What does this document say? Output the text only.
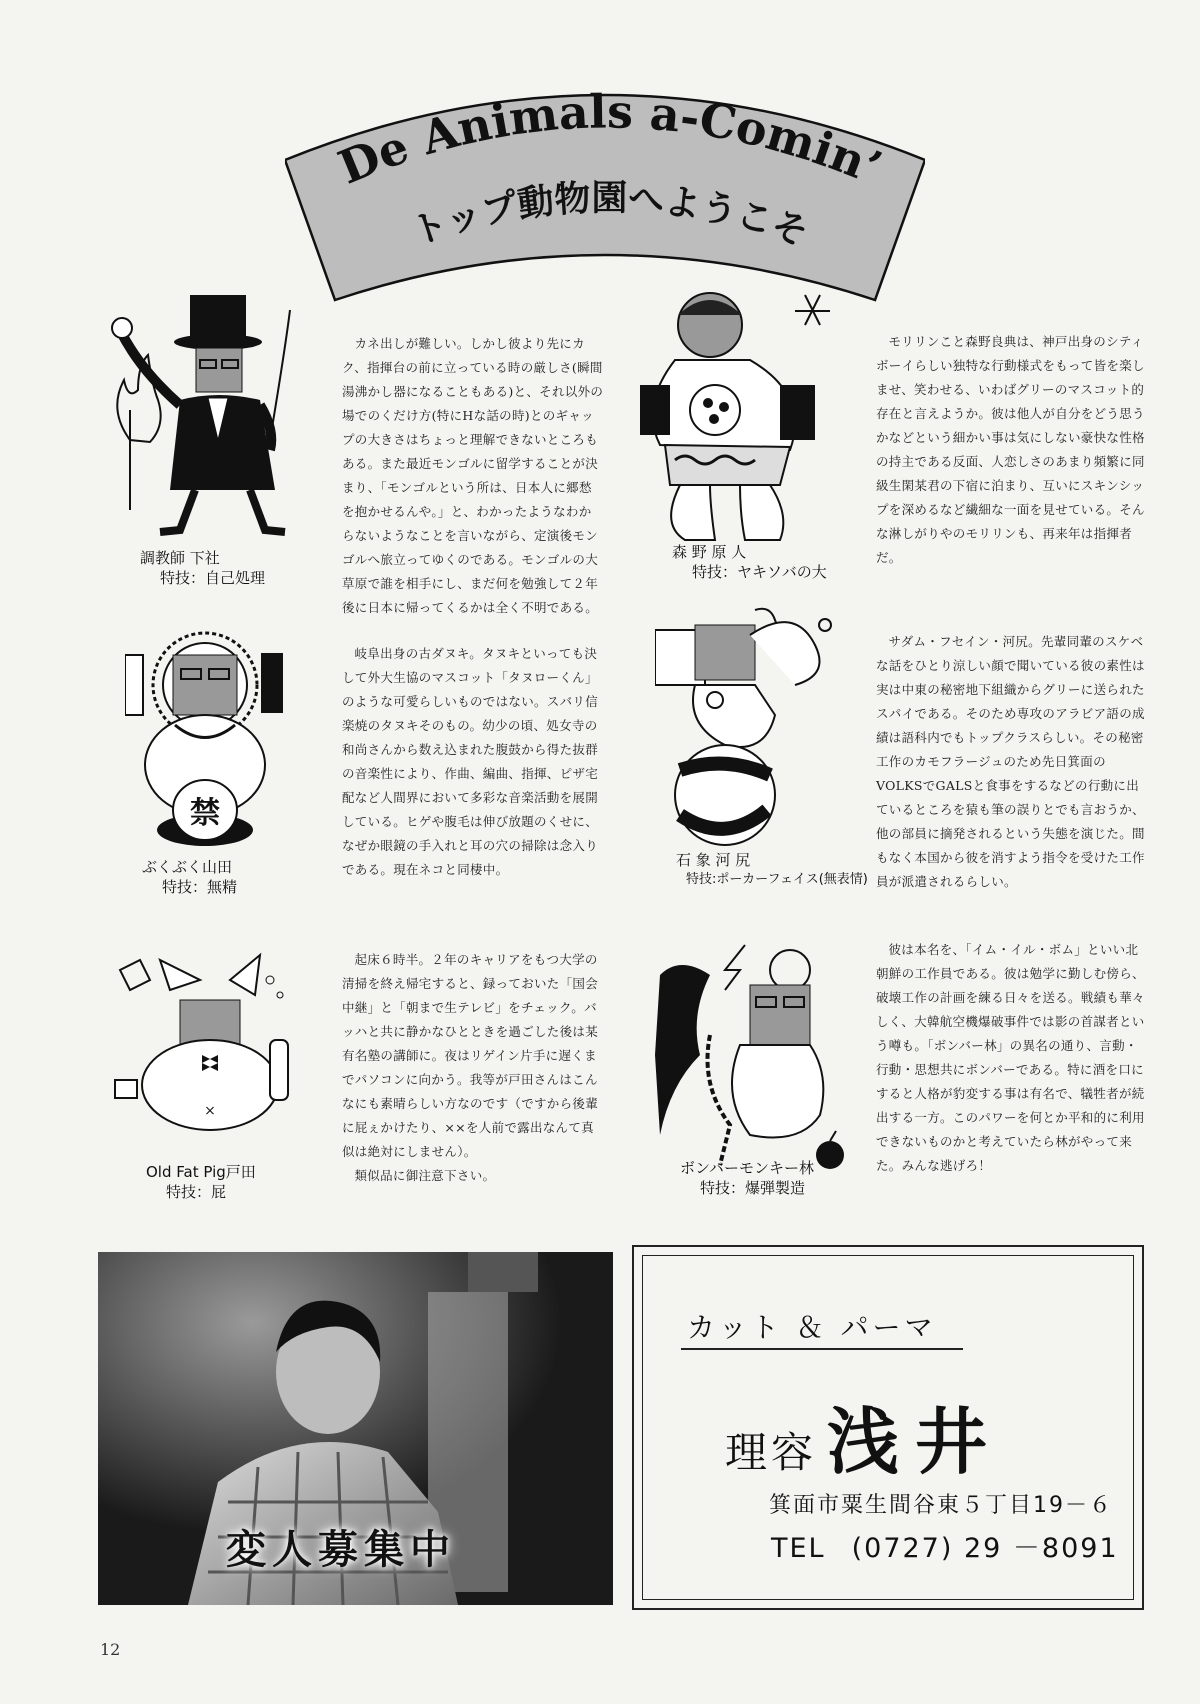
De Animals a-Comin’
トップ動物園へようこそ
禁
×
調教師 下社
特技：自己処理
森 野 原 人
特技：ヤキソバの大
ぶくぶく山田
特技：無精
石 象 河 尻
特技:ポーカーフェイス(無表情)
Old Fat Pig戸田
特技：屁
ボンバーモンキー林
特技：爆弾製造

カネ出しが難しい。しかし彼より先にカク、指揮台の前に立っている時の厳しさ(瞬間湯沸かし器になることもある)と、それ以外の場でのくだけ方(特にHな話の時)とのギャップの大きさはちょっと理解できないところもある。また最近モンゴルに留学することが決まり、「モンゴルという所は、日本人に郷愁を抱かせるんや。」と、わかったようなわからないようなことを言いながら、定演後モンゴルへ旅立ってゆくのである。モンゴルの大草原で誰を相手にし、まだ何を勉強して２年後に日本に帰ってくるかは全く不明である。

モリリンこと森野良典は、神戸出身のシティボーイらしい独特な行動様式をもって皆を楽しませ、笑わせる、いわばグリーのマスコット的存在と言えようか。彼は他人が自分をどう思うかなどという細かい事は気にしない豪快な性格の持主である反面、人恋しさのあまり頻繁に同級生閑某君の下宿に泊まり、互いにスキンシップを深めるなど繊細な一面を見せている。そんな淋しがりやのモリリンも、再来年は指揮者だ。

岐阜出身の古ダヌキ。タヌキといっても決して外大生協のマスコット「タヌローくん」のような可愛らしいものではない。スバリ信楽焼のタヌキそのもの。幼少の頃、処女寺の和尚さんから数え込まれた腹鼓から得た抜群の音楽性により、作曲、編曲、指揮、ピザ宅配など人間界において多彩な音楽活動を展開している。ヒゲや腹毛は伸び放題のくせに、なぜか眼鏡の手入れと耳の穴の掃除は念入りである。現在ネコと同棲中。

サダム・フセイン・河尻。先輩同輩のスケベな話をひとり涼しい顔で聞いている彼の素性は実は中東の秘密地下組織からグリーに送られたスパイである。そのため専攻のアラビア語の成績は語科内でもトップクラスらしい。その秘密工作のカモフラージュのため先日箕面のVOLKSでGALSと食事をするなどの行動に出ているところを猿も筆の誤りとでも言おうか、他の部員に摘発されるという失態を演じた。間もなく本国から彼を消すよう指令を受けた工作員が派遣されるらしい。

起床６時半。２年のキャリアをもつ大学の清掃を終え帰宅すると、録っておいた「国会中継」と「朝まで生テレビ」をチェック。バッハと共に静かなひとときを過ごした後は某有名塾の講師に。夜はリゲイン片手に遅くまでパソコンに向かう。我等が戸田さんはこんなにも素晴らしい方なのです（ですから後輩に屁ぇかけたり、××を人前で露出なんて真似は絶対にしません）。

類似品に御注意下さい。

彼は本名を、「イム・イル・ボム」といい北朝鮮の工作員である。彼は勉学に勤しむ傍ら、破壊工作の計画を練る日々を送る。戦績も華々しく、大韓航空機爆破事件では影の首謀者という噂も。「ボンバー林」の異名の通り、言動・行動・思想共にボンバーである。特に酒を口にすると人格が豹変する事は有名で、犠牲者が続出する一方。このパワーを何とか平和的に利用できないものかと考えていたら林がやって来た。みんな逃げろ！

変人募集中
カット ＆ パーマ
理容 浅井
箕面市粟生間谷東５丁目19－６
TEL (0727) 29 －8091
12
